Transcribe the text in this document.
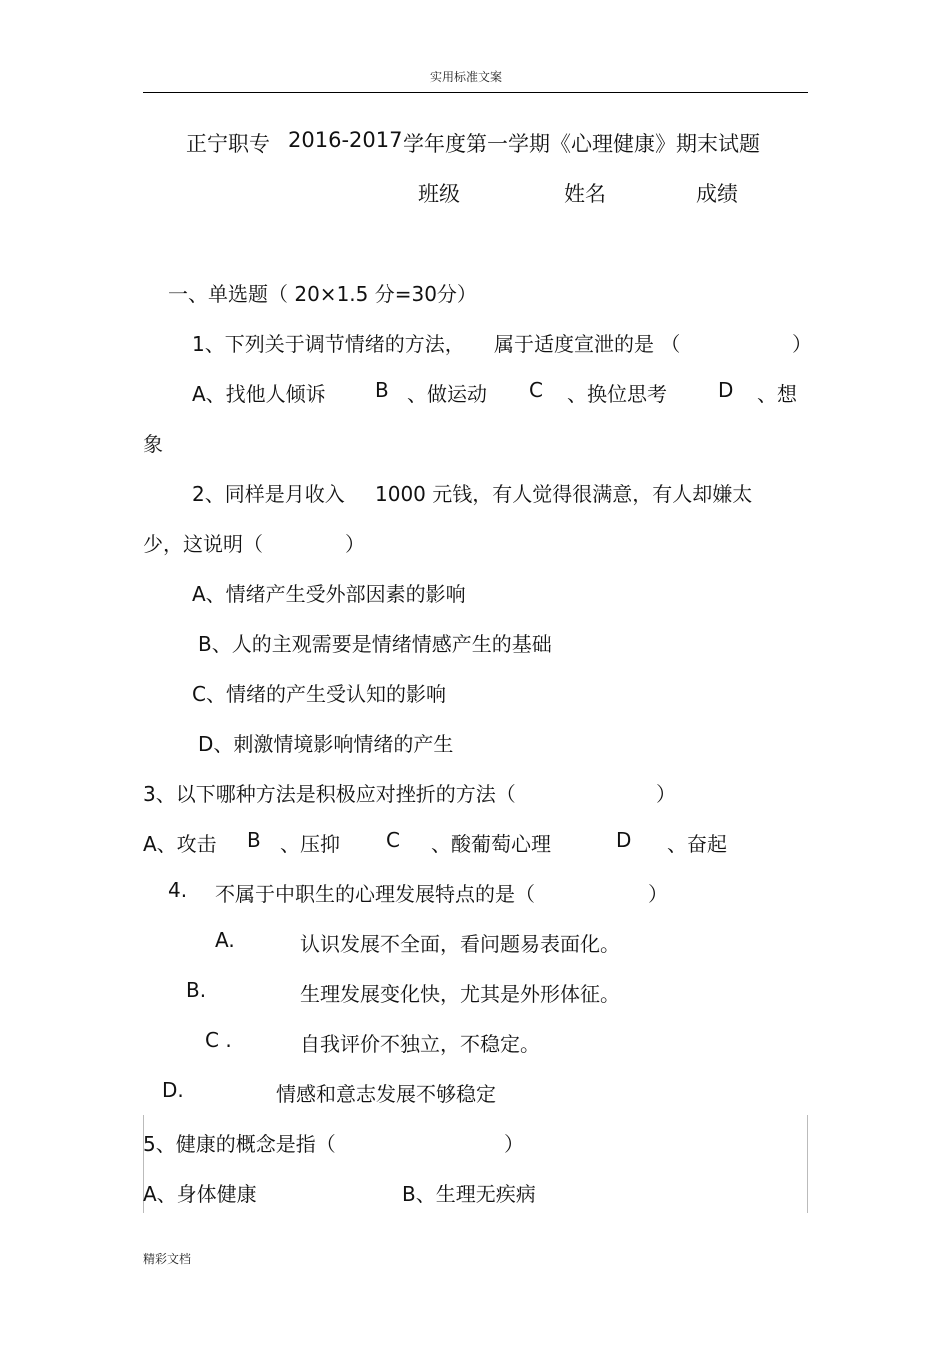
实用标准文案
正宁职专 2016-2017 学年度第一学期《心理健康》期末试题
班级	姓名	成绩
一、单选题（ 20×1.5 分=30分）
1、下列关于调节情绪的方法， 属于适度宣泄的是 （	）
A、找他人倾诉 B 、做运动 C 、换位思考	D 、想
象
2、同样是月收入 1000 元钱，有人觉得很满意，有人却嫌太
少，这说明（	）
A、情绪产生受外部因素的影响
B、人的主观需要是情绪情感产生的基础
C、情绪的产生受认知的影响
D、刺激情境影响情绪的产生
3、以下哪种方法是积极应对挫折的方法（	）
A、攻击 B 、压抑 C 、酸葡萄心理	D 、奋起
4. 不属于中职生的心理发展特点的是（	）
A.	认识发展不全面，看问题易表面化。
B.	生理发展变化快，尤其是外形体征。
C .	自我评价不独立，不稳定。
D.	情感和意志发展不够稳定
5、健康的概念是指（	）
A、身体健康	B、生理无疾病
精彩文档
